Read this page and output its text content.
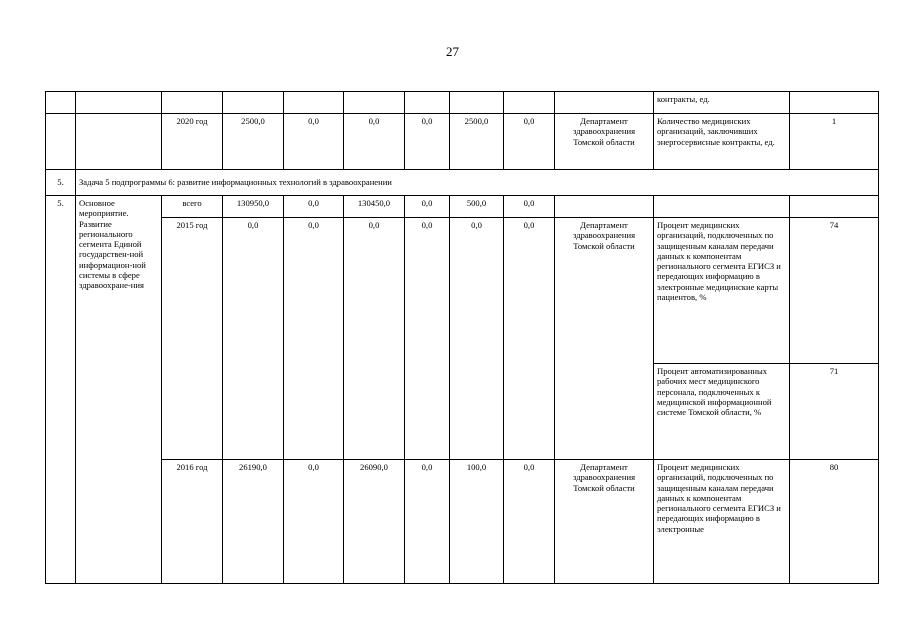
27
										контракты, ед.	
		2020 год	2500,0	0,0	0,0	0,0	2500,0	0,0	Департамент здравоохранения Томской области	Количество медицинских организаций, заключивших энергосервисные контракты, ед.	1
5.	Задача 5 подпрограммы 6: развитие информационных технологий в здравоохранении										
5.	Основное мероприятие. Развитие регионального сегмента Единой государствен-ной информацион-ной системы в сфере здравоохране-ния	всего	130950,0	0,0	130450,0	0,0	500,0	0,0			
		2015 год	0,0	0,0	0,0	0,0	0,0	0,0	Департамент здравоохранения Томской области	Процент медицинских организаций, подключенных по защищенным каналам передачи данных к компонентам регионального сегмента ЕГИСЗ и передающих информацию в электронные медицинские карты пациентов, %	74
										Процент автоматизированных рабочих мест медицинского персонала, подключенных к медицинской информационной системе Томской области, %	71
		2016 год	26190,0	0,0	26090,0	0,0	100,0	0,0	Департамент здравоохранения Томской области	Процент медицинских организаций, подключенных по защищенным каналам передачи данных к компонентам регионального сегмента ЕГИСЗ и передающих информацию в электронные	80
